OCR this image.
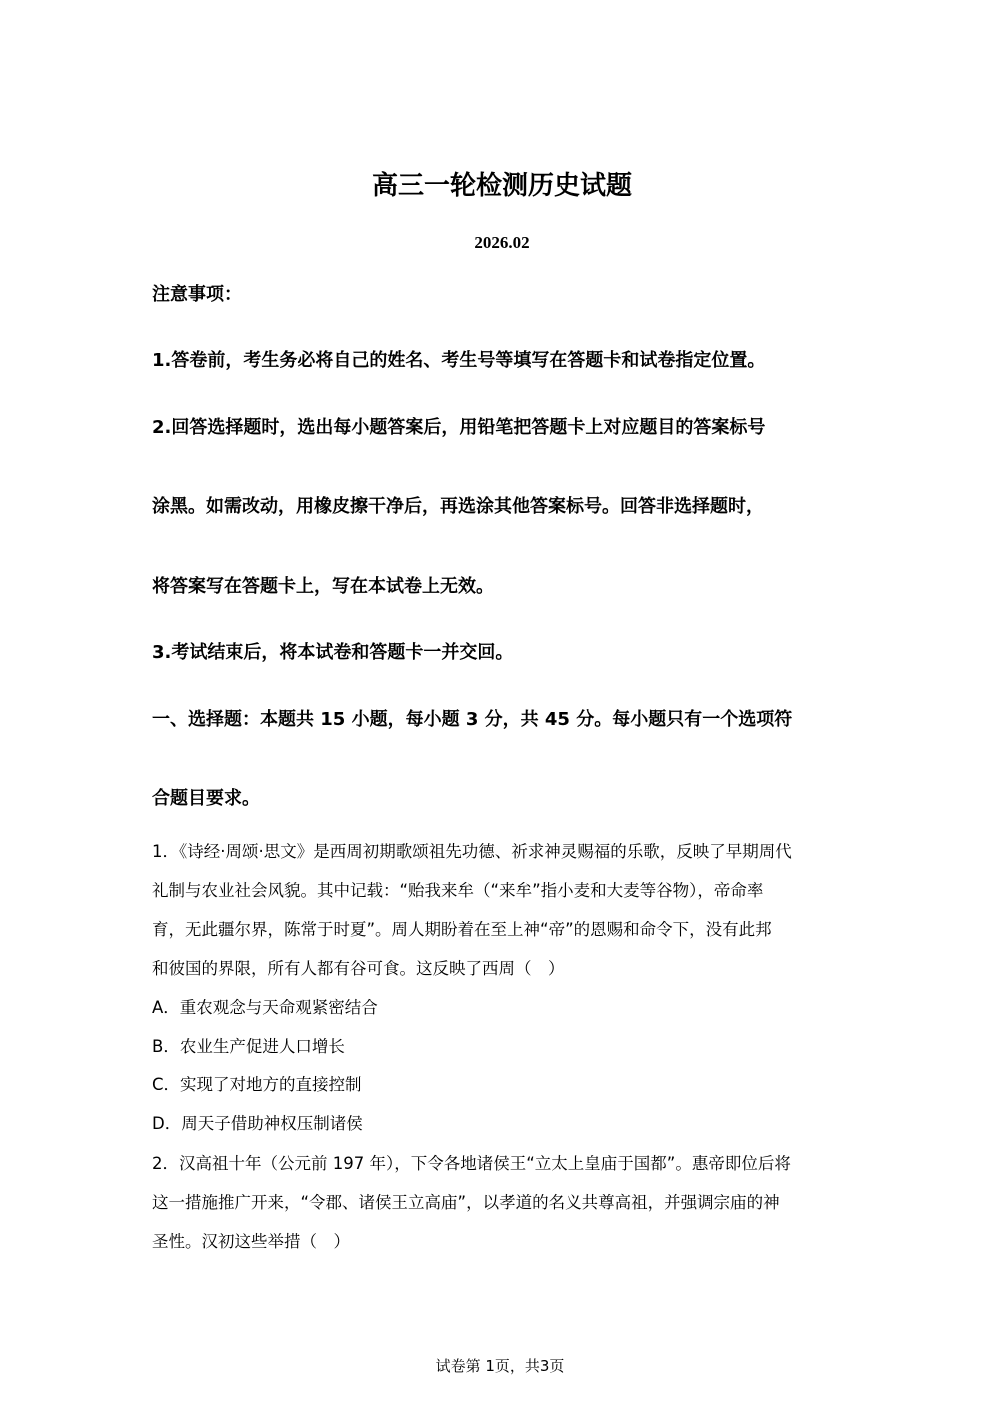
高三一轮检测历史试题
2026.02
注意事项：
1.答卷前，考生务必将自己的姓名、考生号等填写在答题卡和试卷指定位置。
2.回答选择题时，选出每小题答案后，用铅笔把答题卡上对应题目的答案标号
涂黑。如需改动，用橡皮擦干净后，再选涂其他答案标号。回答非选择题时，
将答案写在答题卡上，写在本试卷上无效。
3.考试结束后，将本试卷和答题卡一并交回。
一、选择题：本题共 15 小题，每小题 3 分，共 45 分。每小题只有一个选项符
合题目要求。
1．《诗经·周颂·思文》是西周初期歌颂祖先功德、祈求神灵赐福的乐歌，反映了早期周代
礼制与农业社会风貌。其中记载：“贻我来牟（“来牟”指小麦和大麦等谷物），帝命率
育，无此疆尔界，陈常于时夏”。周人期盼着在至上神“帝”的恩赐和命令下，没有此邦
和彼国的界限，所有人都有谷可食。这反映了西周（　）
A．重农观念与天命观紧密结合
B．农业生产促进人口增长
C．实现了对地方的直接控制
D．周天子借助神权压制诸侯
2．汉高祖十年（公元前 197 年），下令各地诸侯王“立太上皇庙于国都”。惠帝即位后将
这一措施推广开来，“令郡、诸侯王立高庙”，以孝道的名义共尊高祖，并强调宗庙的神
圣性。汉初这些举措（　）
试卷第 1页，共3页
